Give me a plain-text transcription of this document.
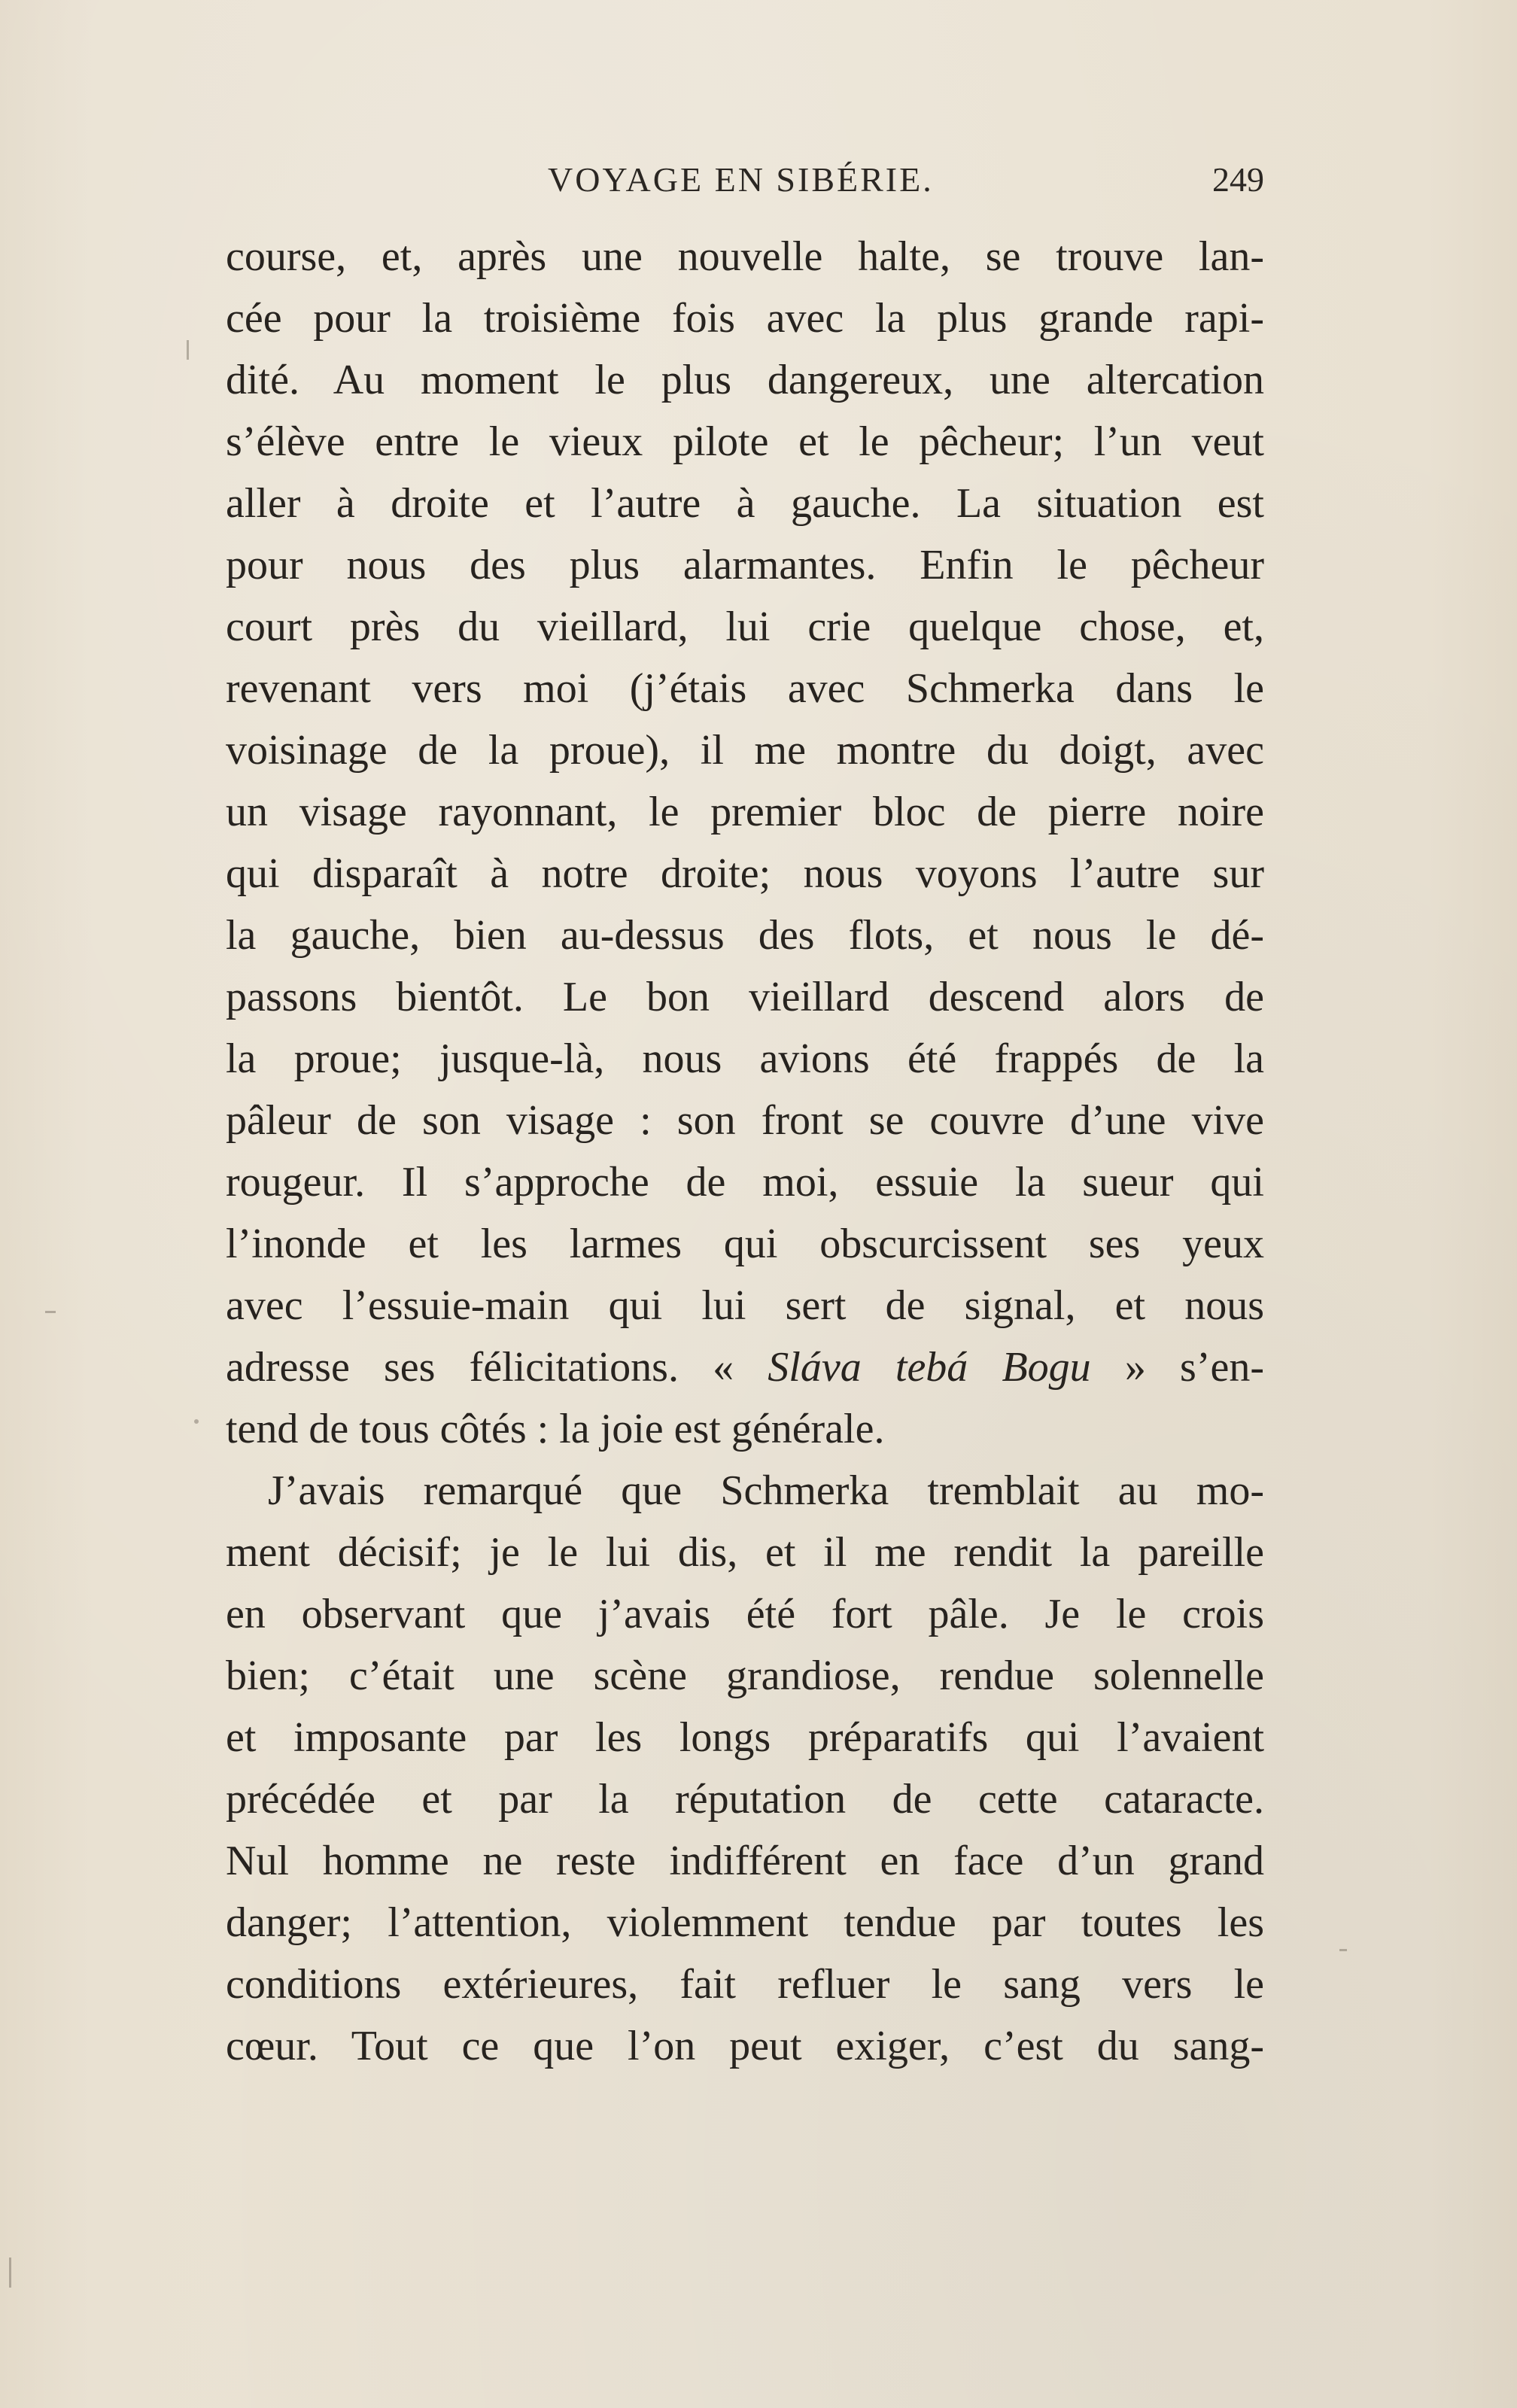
VOYAGE EN SIBÉRIE.	249
course, et, après une nouvelle halte, se trouve lan-
cée pour la troisième fois avec la plus grande rapi-
dité. Au moment le plus dangereux, une altercation
s’élève entre le vieux pilote et le pêcheur; l’un veut
aller à droite et l’autre à gauche. La situation est
pour nous des plus alarmantes. Enfin le pêcheur
court près du vieillard, lui crie quelque chose, et,
revenant vers moi (j’étais avec Schmerka dans le
voisinage de la proue), il me montre du doigt, avec
un visage rayonnant, le premier bloc de pierre noire
qui disparaît à notre droite; nous voyons l’autre sur
la gauche, bien au-dessus des flots, et nous le dé-
passons bientôt. Le bon vieillard descend alors de
la proue; jusque-là, nous avions été frappés de la
pâleur de son visage : son front se couvre d’une vive
rougeur. Il s’approche de moi, essuie la sueur qui
l’inonde et les larmes qui obscurcissent ses yeux
avec l’essuie-main qui lui sert de signal, et nous
adresse ses félicitations. « Sláva tebá Bogu » s’en-
tend de tous côtés : la joie est générale.
J’avais remarqué que Schmerka tremblait au mo-
ment décisif; je le lui dis, et il me rendit la pareille
en observant que j’avais été fort pâle. Je le crois
bien; c’était une scène grandiose, rendue solennelle
et imposante par les longs préparatifs qui l’avaient
précédée et par la réputation de cette cataracte.
Nul homme ne reste indifférent en face d’un grand
danger; l’attention, violemment tendue par toutes les
conditions extérieures, fait refluer le sang vers le
cœur. Tout ce que l’on peut exiger, c’est du sang-
